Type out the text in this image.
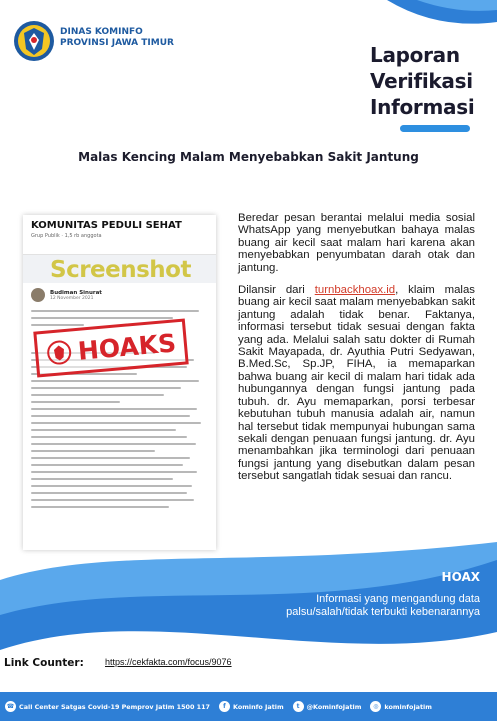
DINAS KOMINFO
PROVINSI JAWA TIMUR	Laporan
Verifikasi
Informasi
Malas Kencing Malam Menyebabkan Sakit Jantung
KOMUNITAS PEDULI SEHAT
Grup Publik · 1,5 rb anggota
Budiman Sinurat
12 November 2021
Screenshot
HOAKS

Beredar pesan berantai melalui media sosial WhatsApp yang menyebutkan bahaya malas buang air kecil saat malam hari karena akan menyebabkan penyumbatan darah otak dan jantung.

Dilansir dari turnbackhoax.id, klaim malas buang air kecil saat malam menyebabkan sakit jantung adalah tidak benar. Faktanya, informasi tersebut tidak sesuai dengan fakta yang ada. Melalui salah satu dokter di Rumah Sakit Mayapada, dr. Ayuthia Putri Sedyawan, B.Med.Sc, Sp.JP, FIHA, ia memaparkan bahwa buang air kecil di malam hari tidak ada hubungannya dengan fungsi jantung pada tubuh. dr. Ayu memaparkan, porsi terbesar kebutuhan tubuh manusia adalah air, namun hal tersebut tidak mempunyai hubungan sama sekali dengan penuaan fungsi jantung. dr. Ayu menambahkan jika terminologi dari penuaan fungsi jantung yang disebutkan dalam pesan tersebut sangatlah tidak sesuai dan rancu.

HOAX
Informasi yang mengandung data palsu/salah/tidak terbukti kebenarannya
Link Counter: https://cekfakta.com/focus/9076
☎ Call Center Satgas Covid-19 Pemprov Jatim 1500 117	f	Kominfo Jatim	t	@KominfoJatim	◎ kominfojatim
